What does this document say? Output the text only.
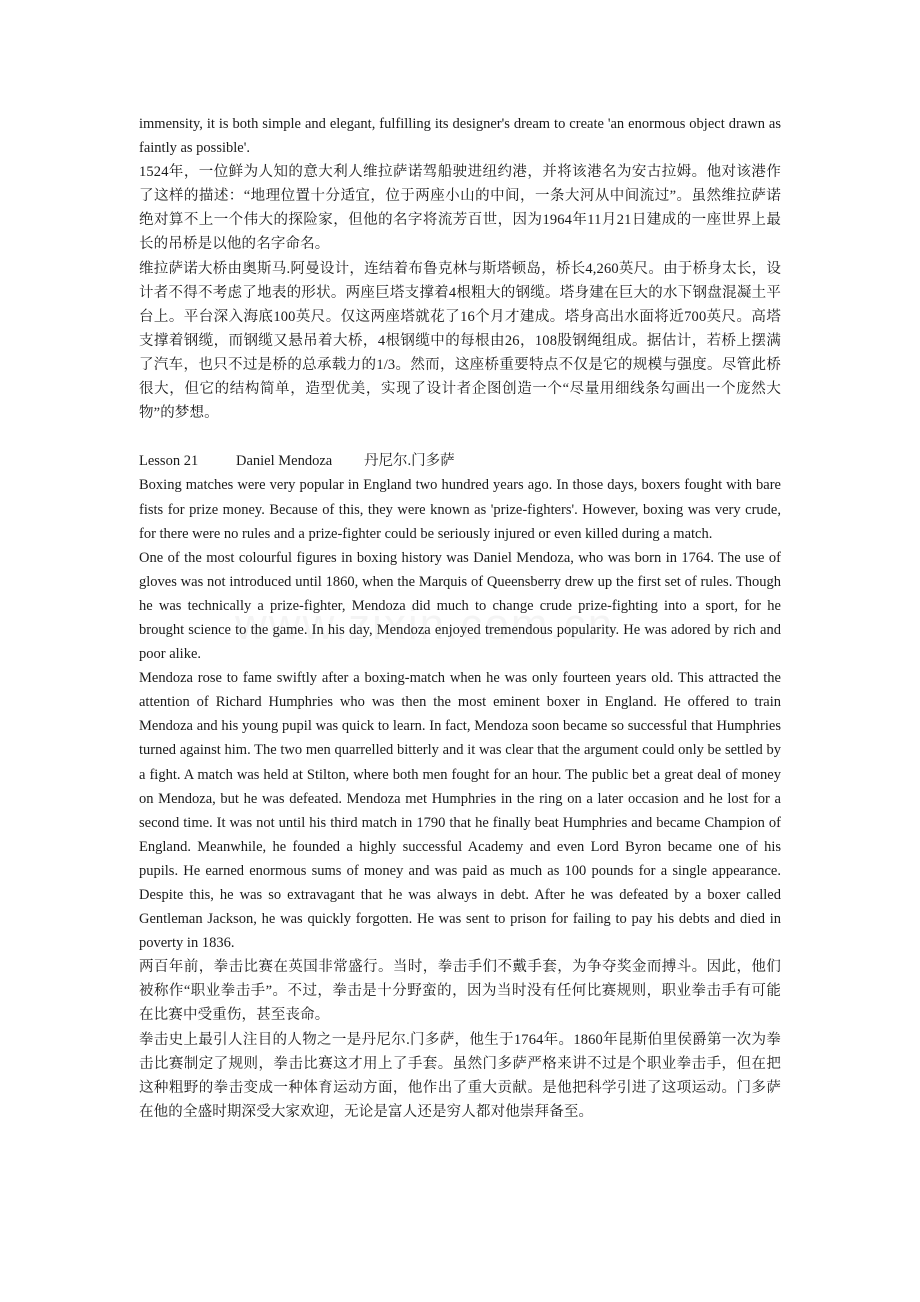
immensity, it is both simple and elegant, fulfilling its designer's dream to create 'an enormous object drawn as faintly as possible'.

1524年，一位鲜为人知的意大利人维拉萨诺驾船驶进纽约港，并将该港名为安古拉姆。他对该港作了这样的描述：“地理位置十分适宜，位于两座小山的中间，一条大河从中间流过”。虽然维拉萨诺绝对算不上一个伟大的探险家，但他的名字将流芳百世，因为1964年11月21日建成的一座世界上最长的吊桥是以他的名字命名。

维拉萨诺大桥由奥斯马.阿曼设计，连结着布鲁克林与斯塔顿岛，桥长4,260英尺。由于桥身太长，设计者不得不考虑了地表的形状。两座巨塔支撑着4根粗大的钢缆。塔身建在巨大的水下钢盘混凝土平台上。平台深入海底100英尺。仅这两座塔就花了16个月才建成。塔身高出水面将近700英尺。高塔支撑着钢缆，而钢缆又悬吊着大桥，4根钢缆中的每根由26，108股钢绳组成。据估计，若桥上摆满了汽车，也只不过是桥的总承载力的1/3。然而，这座桥重要特点不仅是它的规模与强度。尽管此桥很大，但它的结构简单，造型优美，实现了设计者企图创造一个“尽量用细线条勾画出一个庞然大物”的梦想。

Lesson 21	Daniel Mendoza 丹尼尔.门多萨

Boxing matches were very popular in England two hundred years ago. In those days, boxers fought with bare fists for prize money. Because of this, they were known as 'prize-fighters'. However, boxing was very crude, for there were no rules and a prize-fighter could be seriously injured or even killed during a match.

One of the most colourful figures in boxing history was Daniel Mendoza, who was born in 1764. The use of gloves was not introduced until 1860, when the Marquis of Queensberry drew up the first set of rules. Though he was technically a prize-fighter, Mendoza did much to change crude prize-fighting into a sport, for he brought science to the game. In his day, Mendoza enjoyed tremendous popularity. He was adored by rich and poor alike.

Mendoza rose to fame swiftly after a boxing-match when he was only fourteen years old. This attracted the attention of Richard Humphries who was then the most eminent boxer in England. He offered to train Mendoza and his young pupil was quick to learn. In fact, Mendoza soon became so successful that Humphries turned against him. The two men quarrelled bitterly and it was clear that the argument could only be settled by a fight. A match was held at Stilton, where both men fought for an hour. The public bet a great deal of money on Mendoza, but he was defeated. Mendoza met Humphries in the ring on a later occasion and he lost for a second time. It was not until his third match in 1790 that he finally beat Humphries and became Champion of England. Meanwhile, he founded a highly successful Academy and even Lord Byron became one of his pupils. He earned enormous sums of money and was paid as much as 100 pounds for a single appearance. Despite this, he was so extravagant that he was always in debt. After he was defeated by a boxer called Gentleman Jackson, he was quickly forgotten. He was sent to prison for failing to pay his debts and died in poverty in 1836.

两百年前，拳击比赛在英国非常盛行。当时，拳击手们不戴手套，为争夺奖金而搏斗。因此，他们被称作“职业拳击手”。不过，拳击是十分野蛮的，因为当时没有任何比赛规则，职业拳击手有可能在比赛中受重伤，甚至丧命。

拳击史上最引人注目的人物之一是丹尼尔.门多萨，他生于1764年。1860年昆斯伯里侯爵第一次为拳击比赛制定了规则，拳击比赛这才用上了手套。虽然门多萨严格来讲不过是个职业拳击手，但在把这种粗野的拳击变成一种体育运动方面，他作出了重大贡献。是他把科学引进了这项运动。门多萨在他的全盛时期深受大家欢迎，无论是富人还是穷人都对他崇拜备至。
